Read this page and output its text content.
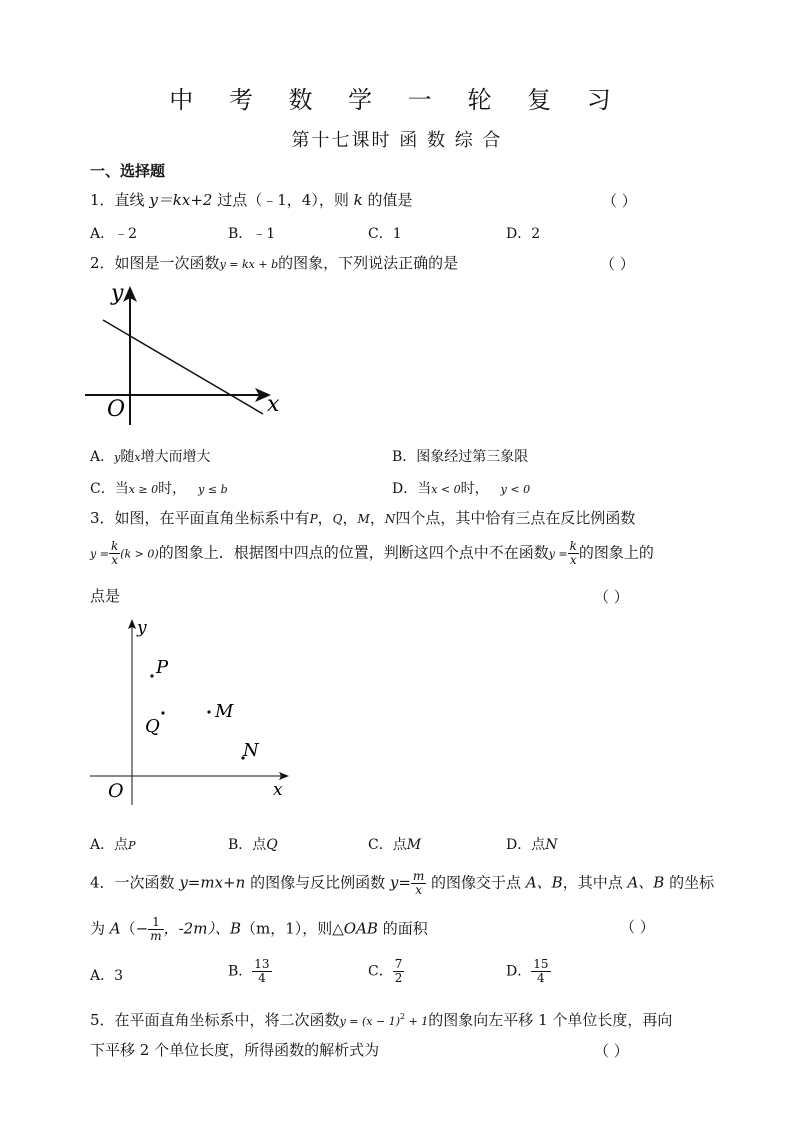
中 考 数 学 一 轮 复 习
第十七课时 函 数 综 合
一、选择题
1．直线 y＝kx+2 过点（﹣1，4），则 k 的值是	（ ）
A．﹣2	B．﹣1	C．1	D．2
2．如图是一次函数y = kx + b的图象，下列说法正确的是	（ ）
y
x
O
A．y随x增大而增大	B．图象经过第三象限
C．当x ≥ 0时， y ≤ b	D．当x < 0时， y < 0
3．如图，在平面直角坐标系中有P，Q，M，N四个点，其中恰有三点在反比例函数
$y = \frac{k}{x} (k > 0)$的图象上．根据图中四点的位置，判断这四个点中不在函数$y = \frac{k}{x}$ 的图象上的
点是	（ ）
y
x
O
P
Q
M
N
A．点P	B．点Q	C．点M	D．点N
4．一次函数 y=mx+n 的图像与反比例函数 $y= \frac{m}{x}$ 的图像交于点 A、B，其中点 A、B 的坐标
为 $A(- \frac{1}{m}$ ，-2m）、B（m，1），则△OAB 的面积	（ ）
A．3	B． $\frac{13}{4}$	C． $\frac{7}{2}$	D． $\frac{15}{4}$
5．在平面直角坐标系中，将二次函数$y = (x - 1)^2 + 1$的图象向左平移 1 个单位长度，再向
下平移 2 个单位长度，所得函数的解析式为	（ ）
